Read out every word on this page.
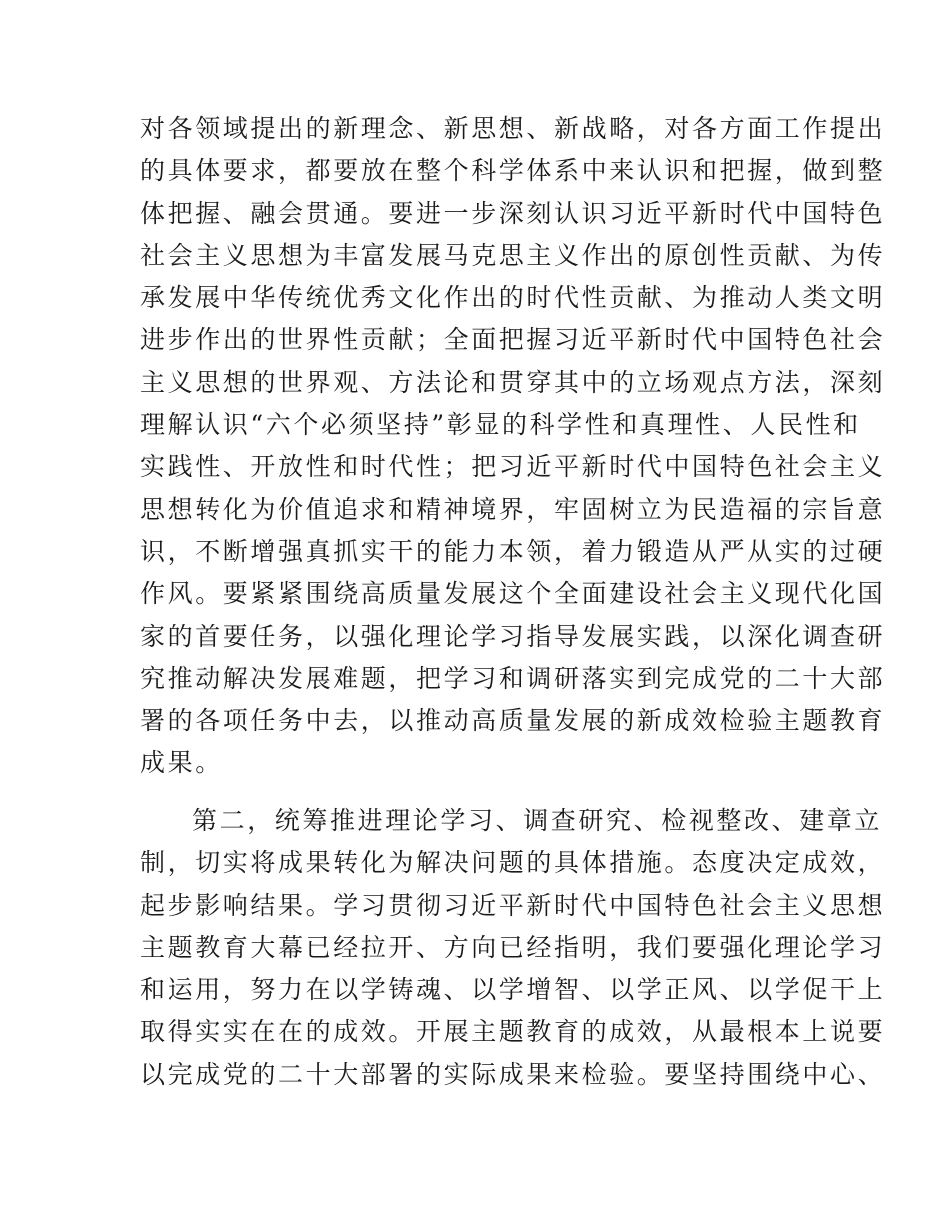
对各领域提出的新理念、新思想、新战略，对各方面工作提出
的具体要求，都要放在整个科学体系中来认识和把握，做到整
体把握、融会贯通。要进一步深刻认识习近平新时代中国特色
社会主义思想为丰富发展马克思主义作出的原创性贡献、为传
承发展中华传统优秀文化作出的时代性贡献、为推动人类文明
进步作出的世界性贡献；全面把握习近平新时代中国特色社会
主义思想的世界观、方法论和贯穿其中的立场观点方法，深刻
理解认识“六个必须坚持”彰显的科学性和真理性、人民性和
实践性、开放性和时代性；把习近平新时代中国特色社会主义
思想转化为价值追求和精神境界，牢固树立为民造福的宗旨意
识，不断增强真抓实干的能力本领，着力锻造从严从实的过硬
作风。要紧紧围绕高质量发展这个全面建设社会主义现代化国
家的首要任务，以强化理论学习指导发展实践，以深化调查研
究推动解决发展难题，把学习和调研落实到完成党的二十大部
署的各项任务中去，以推动高质量发展的新成效检验主题教育
成果。
第二，统筹推进理论学习、调查研究、检视整改、建章立
制，切实将成果转化为解决问题的具体措施。态度决定成效，
起步影响结果。学习贯彻习近平新时代中国特色社会主义思想
主题教育大幕已经拉开、方向已经指明，我们要强化理论学习
和运用，努力在以学铸魂、以学增智、以学正风、以学促干上
取得实实在在的成效。开展主题教育的成效，从最根本上说要
以完成党的二十大部署的实际成果来检验。要坚持围绕中心、
